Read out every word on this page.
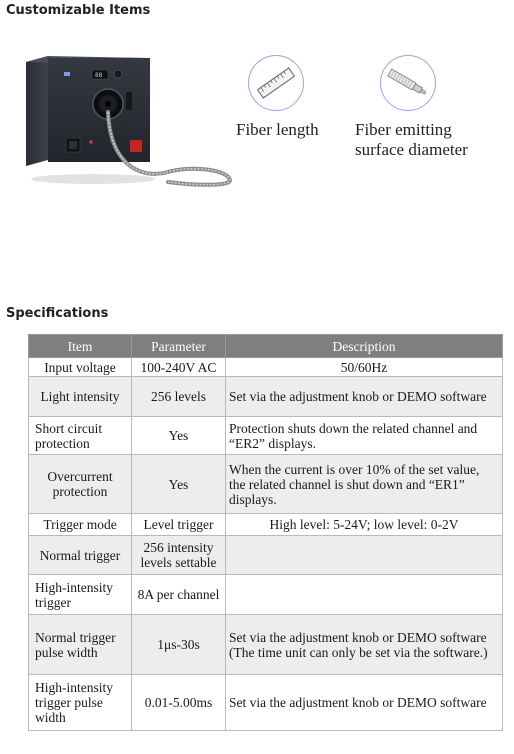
Customizable Items
88
Fiber length Fiber emitting
surface diameter
Specifications
Item	Parameter	Description
Input voltage	100-240V AC	50/60Hz
Light intensity	256 levels	Set via the adjustment knob or DEMO software
Short circuit protection	Yes	Protection shuts down the related channel and “ER2” displays.
Overcurrent protection	Yes	When the current is over 10% of the set value, the related channel is shut down and “ER1” displays.
Trigger mode	Level trigger	High level: 5-24V; low level: 0-2V
Normal trigger	256 intensity levels settable	
High-intensity trigger	8A per channel	
Normal trigger pulse width	1μs-30s	Set via the adjustment knob or DEMO software (The time unit can only be set via the software.)
High-intensity trigger pulse width	0.01-5.00ms	Set via the adjustment knob or DEMO software
